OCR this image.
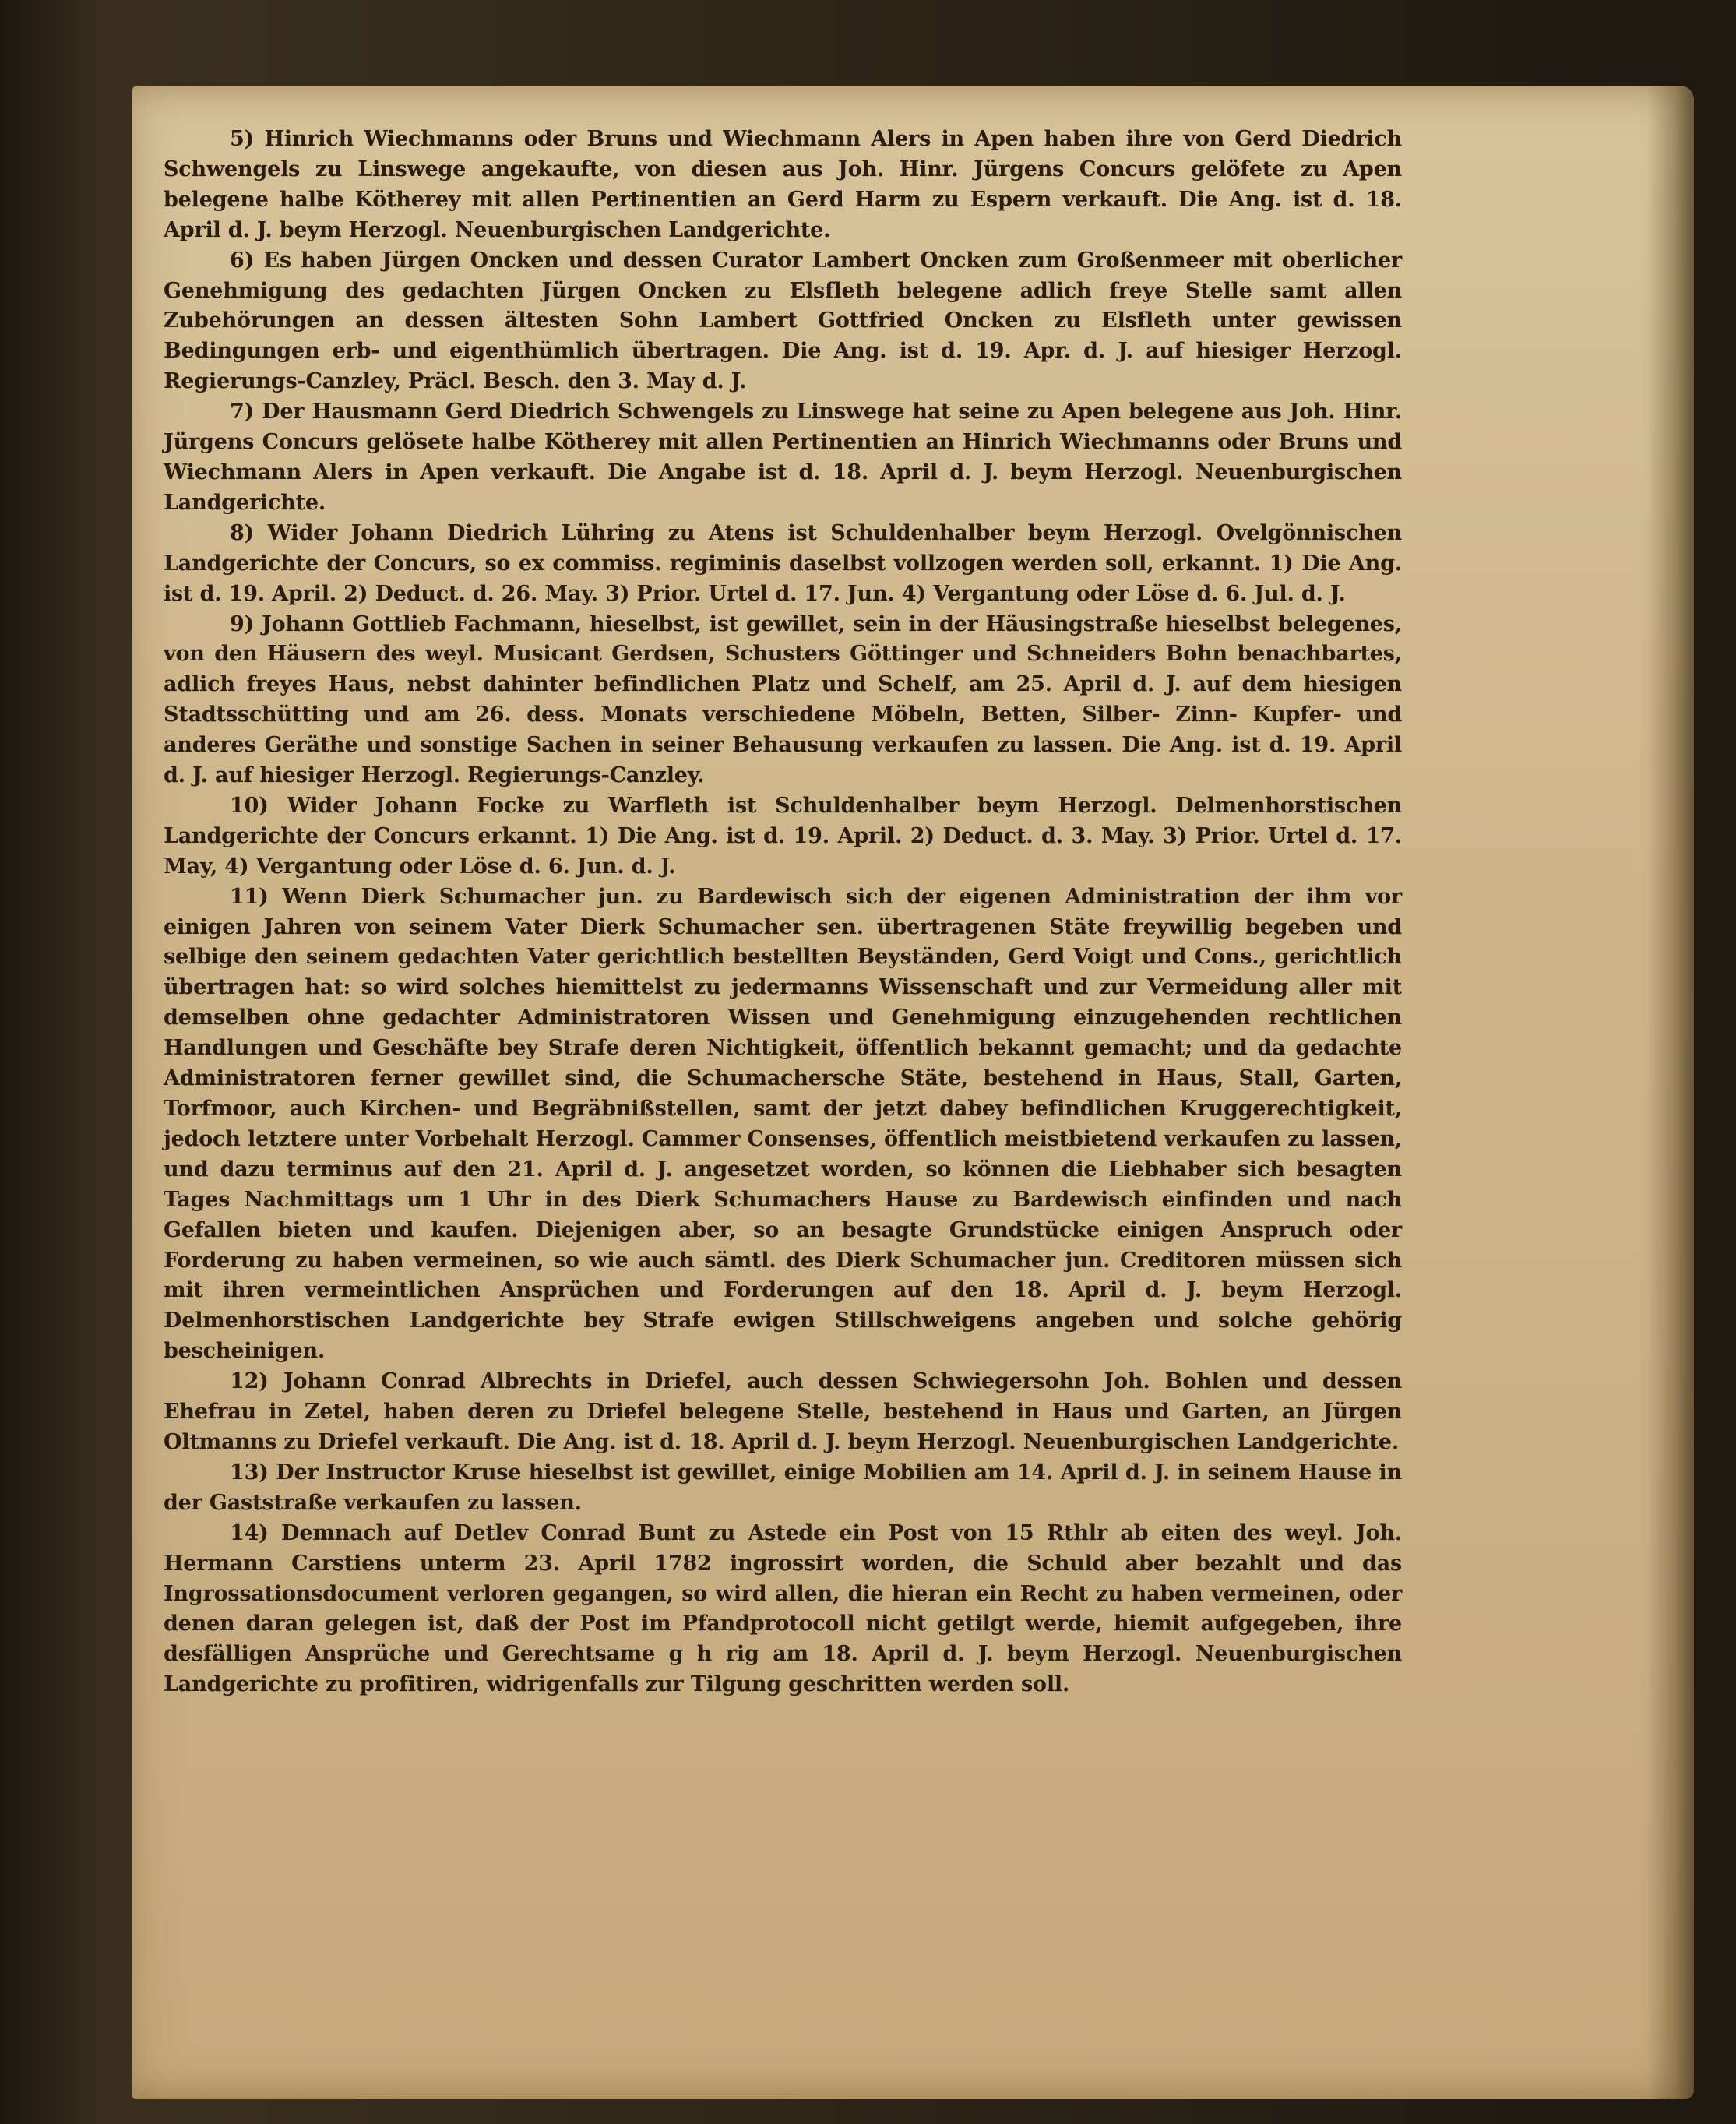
5) Hinrich Wiechmanns oder Bruns und Wiechmann Alers in Apen haben ihre von Gerd Diedrich Schwengels zu Linswege angekaufte, von diesen aus Joh. Hinr. Jürgens Concurs gelöfete zu Apen belegene halbe Kötherey mit allen Pertinentien an Gerd Harm zu Espern verkauft. Die Ang. ist d. 18. April d. J. beym Herzogl. Neuenburgischen Landgerichte.

6) Es haben Jürgen Oncken und dessen Curator Lambert Oncken zum Großenmeer mit oberlicher Genehmigung des gedachten Jürgen Oncken zu Elsfleth belegene adlich freye Stelle samt allen Zubehörungen an dessen ältesten Sohn Lambert Gottfried Oncken zu Elsfleth unter gewissen Bedingungen erb- und eigenthümlich übertragen. Die Ang. ist d. 19. Apr. d. J. auf hiesiger Herzogl. Regierungs-Canzley, Präcl. Besch. den 3. May d. J.

7) Der Hausmann Gerd Diedrich Schwengels zu Linswege hat seine zu Apen belegene aus Joh. Hinr. Jürgens Concurs gelösete halbe Kötherey mit allen Pertinentien an Hinrich Wiechmanns oder Bruns und Wiechmann Alers in Apen verkauft. Die Angabe ist d. 18. April d. J. beym Herzogl. Neuenburgischen Landgerichte.

8) Wider Johann Diedrich Lühring zu Atens ist Schuldenhalber beym Herzogl. Ovelgönnischen Landgerichte der Concurs, so ex commiss. regiminis daselbst vollzogen werden soll, erkannt. 1) Die Ang. ist d. 19. April. 2) Deduct. d. 26. May. 3) Prior. Urtel d. 17. Jun. 4) Vergantung oder Löse d. 6. Jul. d. J.

9) Johann Gottlieb Fachmann, hieselbst, ist gewillet, sein in der Häusingstraße hieselbst belegenes, von den Häusern des weyl. Musicant Gerdsen, Schusters Göttinger und Schneiders Bohn benachbartes, adlich freyes Haus, nebst dahinter befindlichen Platz und Schelf, am 25. April d. J. auf dem hiesigen Stadtsschütting und am 26. dess. Monats verschiedene Möbeln, Betten, Silber- Zinn- Kupfer- und anderes Geräthe und sonstige Sachen in seiner Behausung verkaufen zu lassen. Die Ang. ist d. 19. April d. J. auf hiesiger Herzogl. Regierungs-Canzley.

10) Wider Johann Focke zu Warfleth ist Schuldenhalber beym Herzogl. Delmenhorstischen Landgerichte der Concurs erkannt. 1) Die Ang. ist d. 19. April. 2) Deduct. d. 3. May. 3) Prior. Urtel d. 17. May, 4) Vergantung oder Löse d. 6. Jun. d. J.

11) Wenn Dierk Schumacher jun. zu Bardewisch sich der eigenen Administration der ihm vor einigen Jahren von seinem Vater Dierk Schumacher sen. übertragenen Stäte freywillig begeben und selbige den seinem gedachten Vater gerichtlich bestellten Beyständen, Gerd Voigt und Cons., gerichtlich übertragen hat: so wird solches hiemittelst zu jedermanns Wissenschaft und zur Vermeidung aller mit demselben ohne gedachter Administratoren Wissen und Genehmigung einzugehenden rechtlichen Handlungen und Geschäfte bey Strafe deren Nichtigkeit, öffentlich bekannt gemacht; und da gedachte Administratoren ferner gewillet sind, die Schumachersche Stäte, bestehend in Haus, Stall, Garten, Torfmoor, auch Kirchen- und Begräbnißstellen, samt der jetzt dabey befindlichen Kruggerechtigkeit, jedoch letztere unter Vorbehalt Herzogl. Cammer Consenses, öffentlich meistbietend verkaufen zu lassen, und dazu terminus auf den 21. April d. J. angesetzet worden, so können die Liebhaber sich besagten Tages Nachmittags um 1 Uhr in des Dierk Schumachers Hause zu Bardewisch einfinden und nach Gefallen bieten und kaufen. Diejenigen aber, so an besagte Grundstücke einigen Anspruch oder Forderung zu haben vermeinen, so wie auch sämtl. des Dierk Schumacher jun. Creditoren müssen sich mit ihren vermeintlichen Ansprüchen und Forderungen auf den 18. April d. J. beym Herzogl. Delmenhorstischen Landgerichte bey Strafe ewigen Stillschweigens angeben und solche gehörig bescheinigen.

12) Johann Conrad Albrechts in Driefel, auch dessen Schwiegersohn Joh. Bohlen und dessen Ehefrau in Zetel, haben deren zu Driefel belegene Stelle, bestehend in Haus und Garten, an Jürgen Oltmanns zu Driefel verkauft. Die Ang. ist d. 18. April d. J. beym Herzogl. Neuenburgischen Landgerichte.

13) Der Instructor Kruse hieselbst ist gewillet, einige Mobilien am 14. April d. J. in seinem Hause in der Gaststraße verkaufen zu lassen.

14) Demnach auf Detlev Conrad Bunt zu Astede ein Post von 15 Rthlr ab eiten des weyl. Joh. Hermann Carstiens unterm 23. April 1782 ingrossirt worden, die Schuld aber bezahlt und das Ingrossationsdocument verloren gegangen, so wird allen, die hieran ein Recht zu haben vermeinen, oder denen daran gelegen ist, daß der Post im Pfandprotocoll nicht getilgt werde, hiemit aufgegeben, ihre desfälligen Ansprüche und Gerechtsame g h rig am 18. April d. J. beym Herzogl. Neuenburgischen Landgerichte zu profitiren, widrigenfalls zur Tilgung geschritten werden soll.
